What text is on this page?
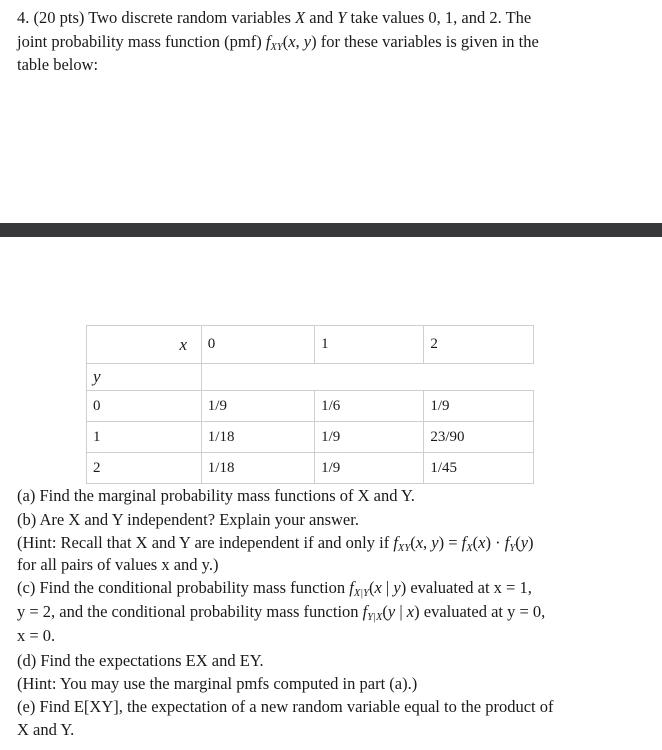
4. (20 pts) Two discrete random variables X and Y take values 0, 1, and 2. The
joint probability mass function (pmf) fXY(x, y) for these variables is given in the
table below:
x	0	1	2
y			
0	1/9	1/6	1/9
1	1/18	1/9	23/90
2	1/18	1/9	1/45
(a) Find the marginal probability mass functions of X and Y.
(b) Are X and Y independent? Explain your answer.
(Hint: Recall that X and Y are independent if and only if fXY(x, y) = fX(x) · fY(y)
for all pairs of values x and y.)
(c) Find the conditional probability mass function fX|Y(x | y) evaluated at x = 1,
y = 2, and the conditional probability mass function fY|X(y | x) evaluated at y = 0,
x = 0.
(d) Find the expectations EX and EY.
(Hint: You may use the marginal pmfs computed in part (a).)
(e) Find E[XY], the expectation of a new random variable equal to the product of
X and Y.
